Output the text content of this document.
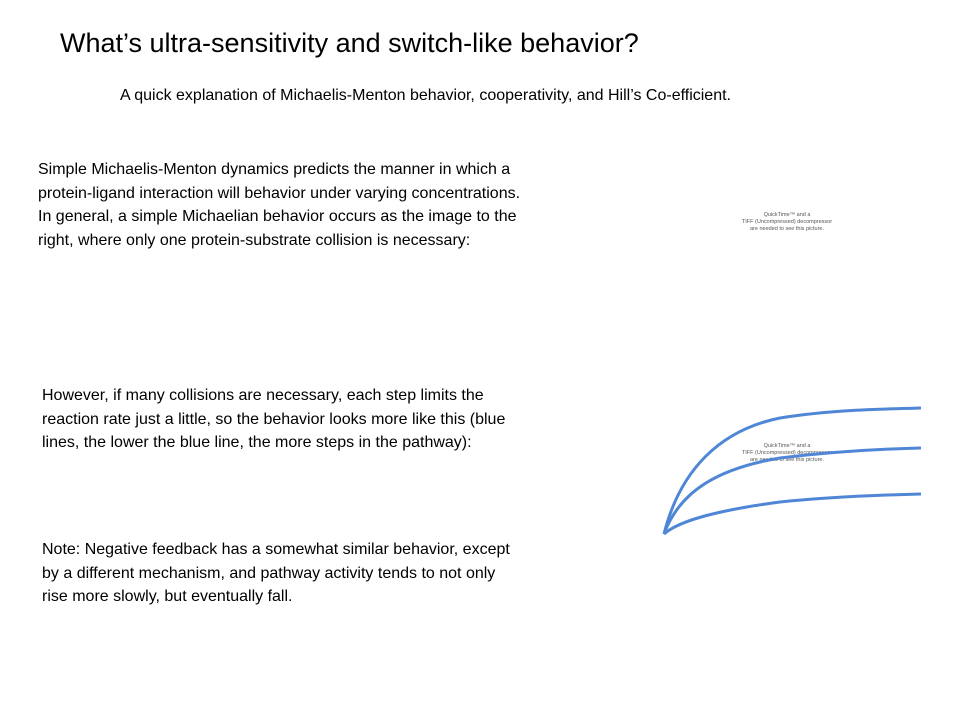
What’s ultra-sensitivity and switch-like behavior?
A quick explanation of Michaelis-Menton behavior, cooperativity, and Hill’s Co-efficient.
Simple Michaelis-Menton dynamics predicts the manner in which a
protein-ligand interaction will behavior under varying concentrations.
In general, a simple Michaelian behavior occurs as the image to the
right, where only one protein-substrate collision is necessary:
QuickTime™ and a
TIFF (Uncompressed) decompressor
are needed to see this picture.
However, if many collisions are necessary, each step limits the
reaction rate just a little, so the behavior looks more like this (blue
lines, the lower the blue line, the more steps in the pathway):	QuickTime™ and a
TIFF (Uncompressed) decompressor
are needed to see this picture.
Note: Negative feedback has a somewhat similar behavior, except
by a different mechanism, and pathway activity tends to not only
rise more slowly, but eventually fall.
